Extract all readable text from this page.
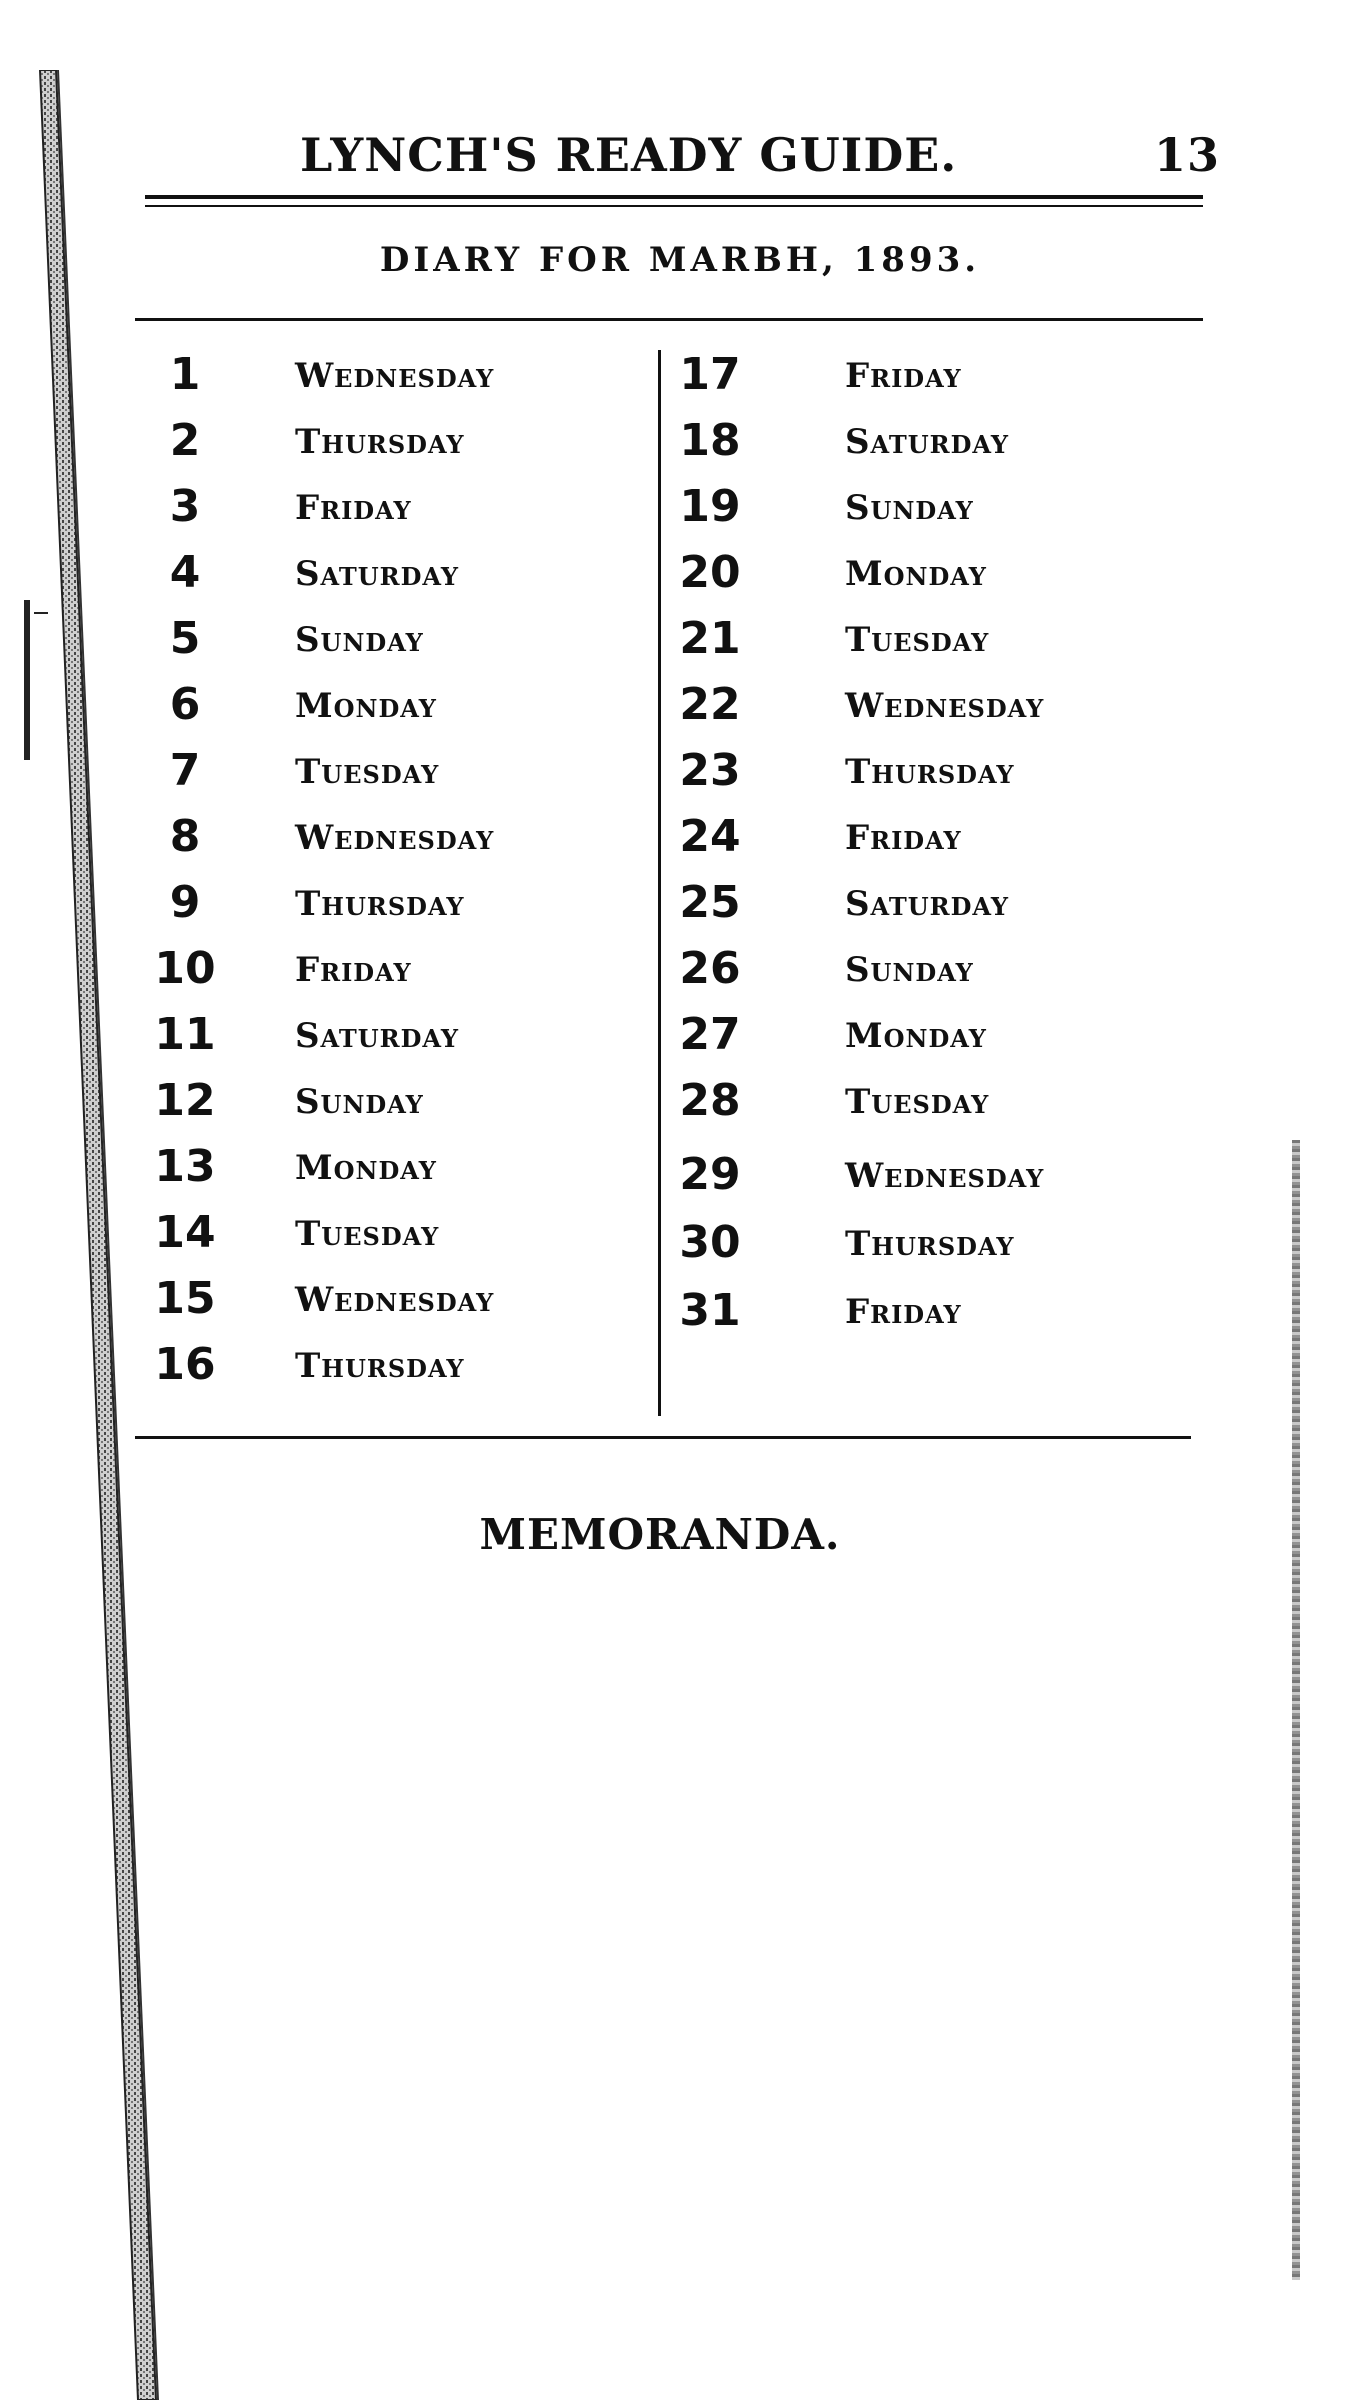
LYNCH'S READY GUIDE.	13
DIARY FOR MARBH, 1893.
1	Wednesday
2	Thursday
3	Friday
4	Saturday
5	Sunday
6	Monday
7	Tuesday
8	Wednesday
9	Thursday
10	Friday
11	Saturday
12	Sunday
13	Monday
14	Tuesday
15	Wednesday
16	Thursday
17	Friday
18	Saturday
19	Sunday
20	Monday
21	Tuesday
22	Wednesday
23	Thursday
24	Friday
25	Saturday
26	Sunday
27	Monday
28	Tuesday
29	Wednesday
30	Thursday
31	Friday
MEMORANDA.
